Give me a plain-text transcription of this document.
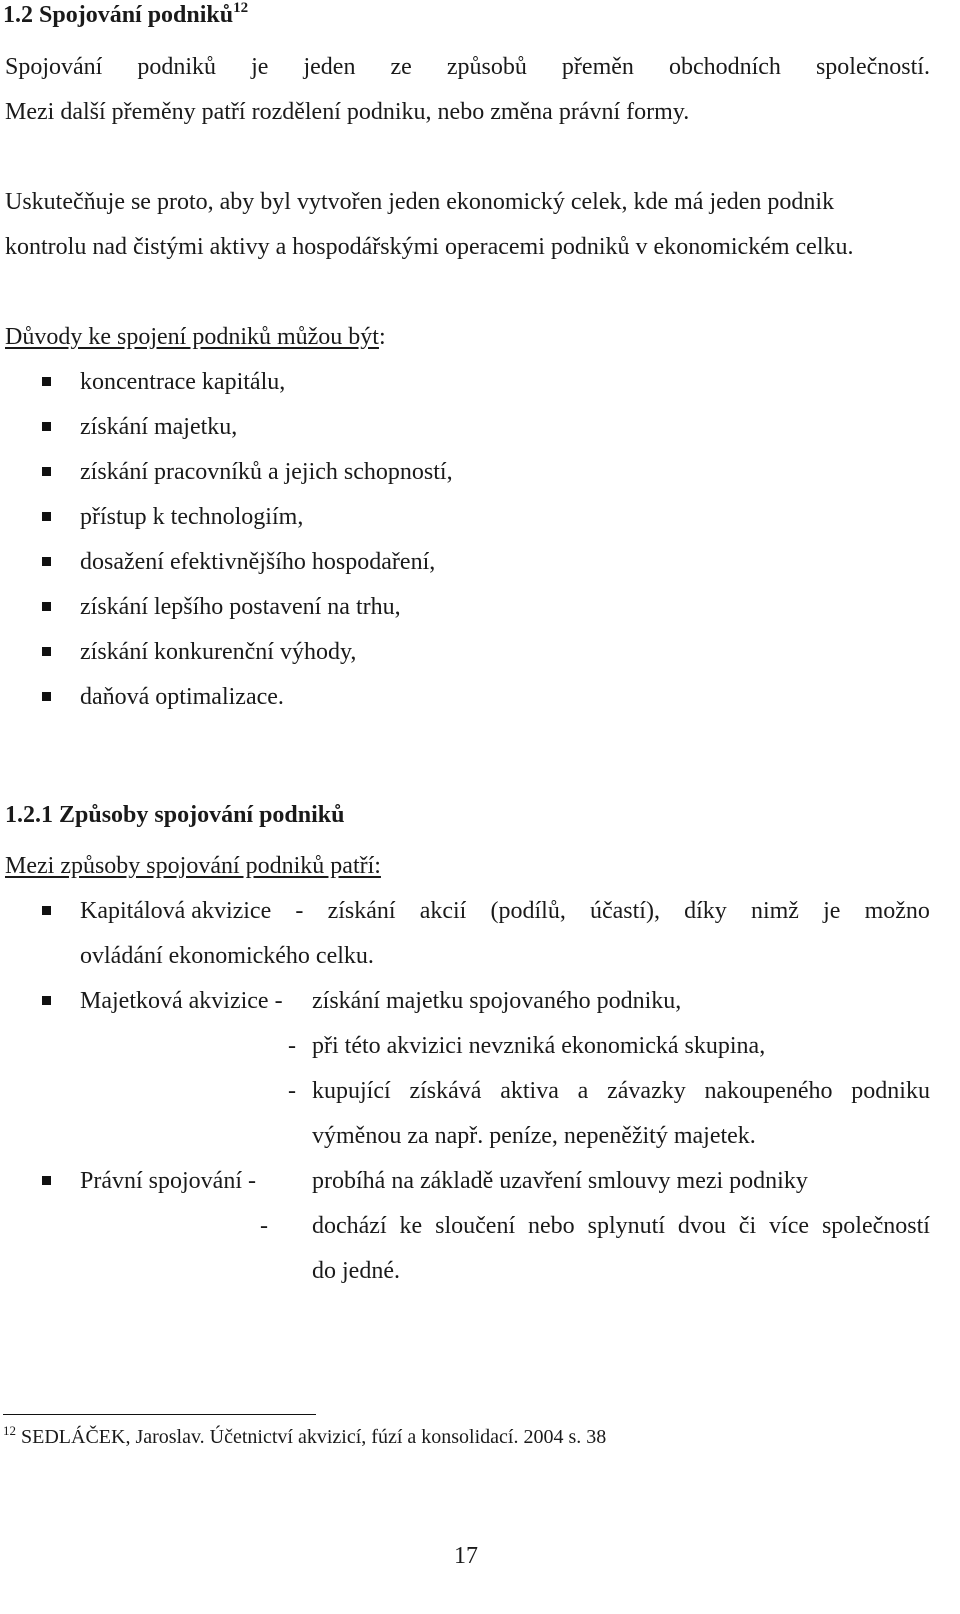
1.2 Spojování podniků$^{12}$
Spojování podniků je jeden ze způsobů přeměn obchodních společností.
Mezi další přeměny patří rozdělení podniku, nebo změna právní formy.
Uskutečňuje se proto, aby byl vytvořen jeden ekonomický celek, kde má jeden podnik
kontrolu nad čistými aktivy a hospodářskými operacemi podniků v ekonomickém celku.
Důvody ke spojení podniků můžou být:
koncentrace kapitálu,
získání majetku,
získání pracovníků a jejich schopností,
přístup k technologiím,
dosažení efektivnějšího hospodaření,
získání lepšího postavení na trhu,
získání konkurenční výhody,
daňová optimalizace.
1.2.1 Způsoby spojování podniků
Mezi způsoby spojování podniků patří:
Kapitálová akvizice - získání akcií (podílů, účastí), díky nimž je možno
ovládání ekonomického celku.
Majetková akvizice - získání majetku spojovaného podniku,
- při této akvizici nevzniká ekonomická skupina,
- kupující získává aktiva a závazky nakoupeného podniku
výměnou za např. peníze, nepeněžitý majetek.
Právní spojování - probíhá na základě uzavření smlouvy mezi podniky
- dochází ke sloučení nebo splynutí dvou či více společností
do jedné.
$^{12}$ SEDLÁČEK, Jaroslav. Účetnictví akvizicí, fúzí a konsolidací. 2004 s. 38
17
